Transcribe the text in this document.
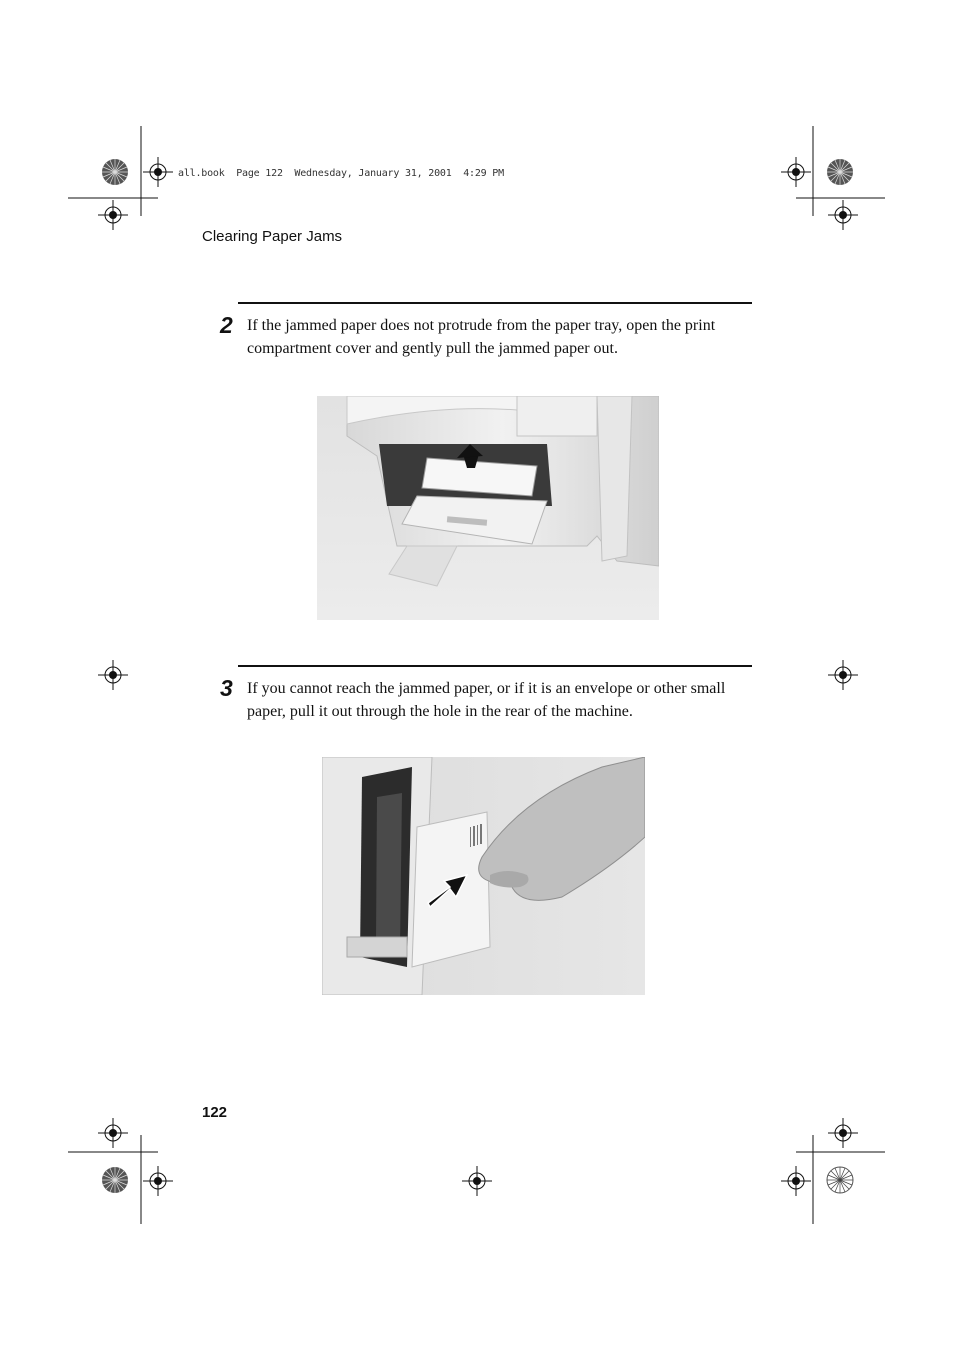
all.book  Page 122  Wednesday, January 31, 2001  4:29 PM
Clearing Paper Jams
2 If the jammed paper does not protrude from the paper tray, open the print compartment cover and gently pull the jammed paper out.
3 If you cannot reach the jammed paper, or if it is an envelope or other small paper, pull it out through the hole in the rear of the machine.
122
